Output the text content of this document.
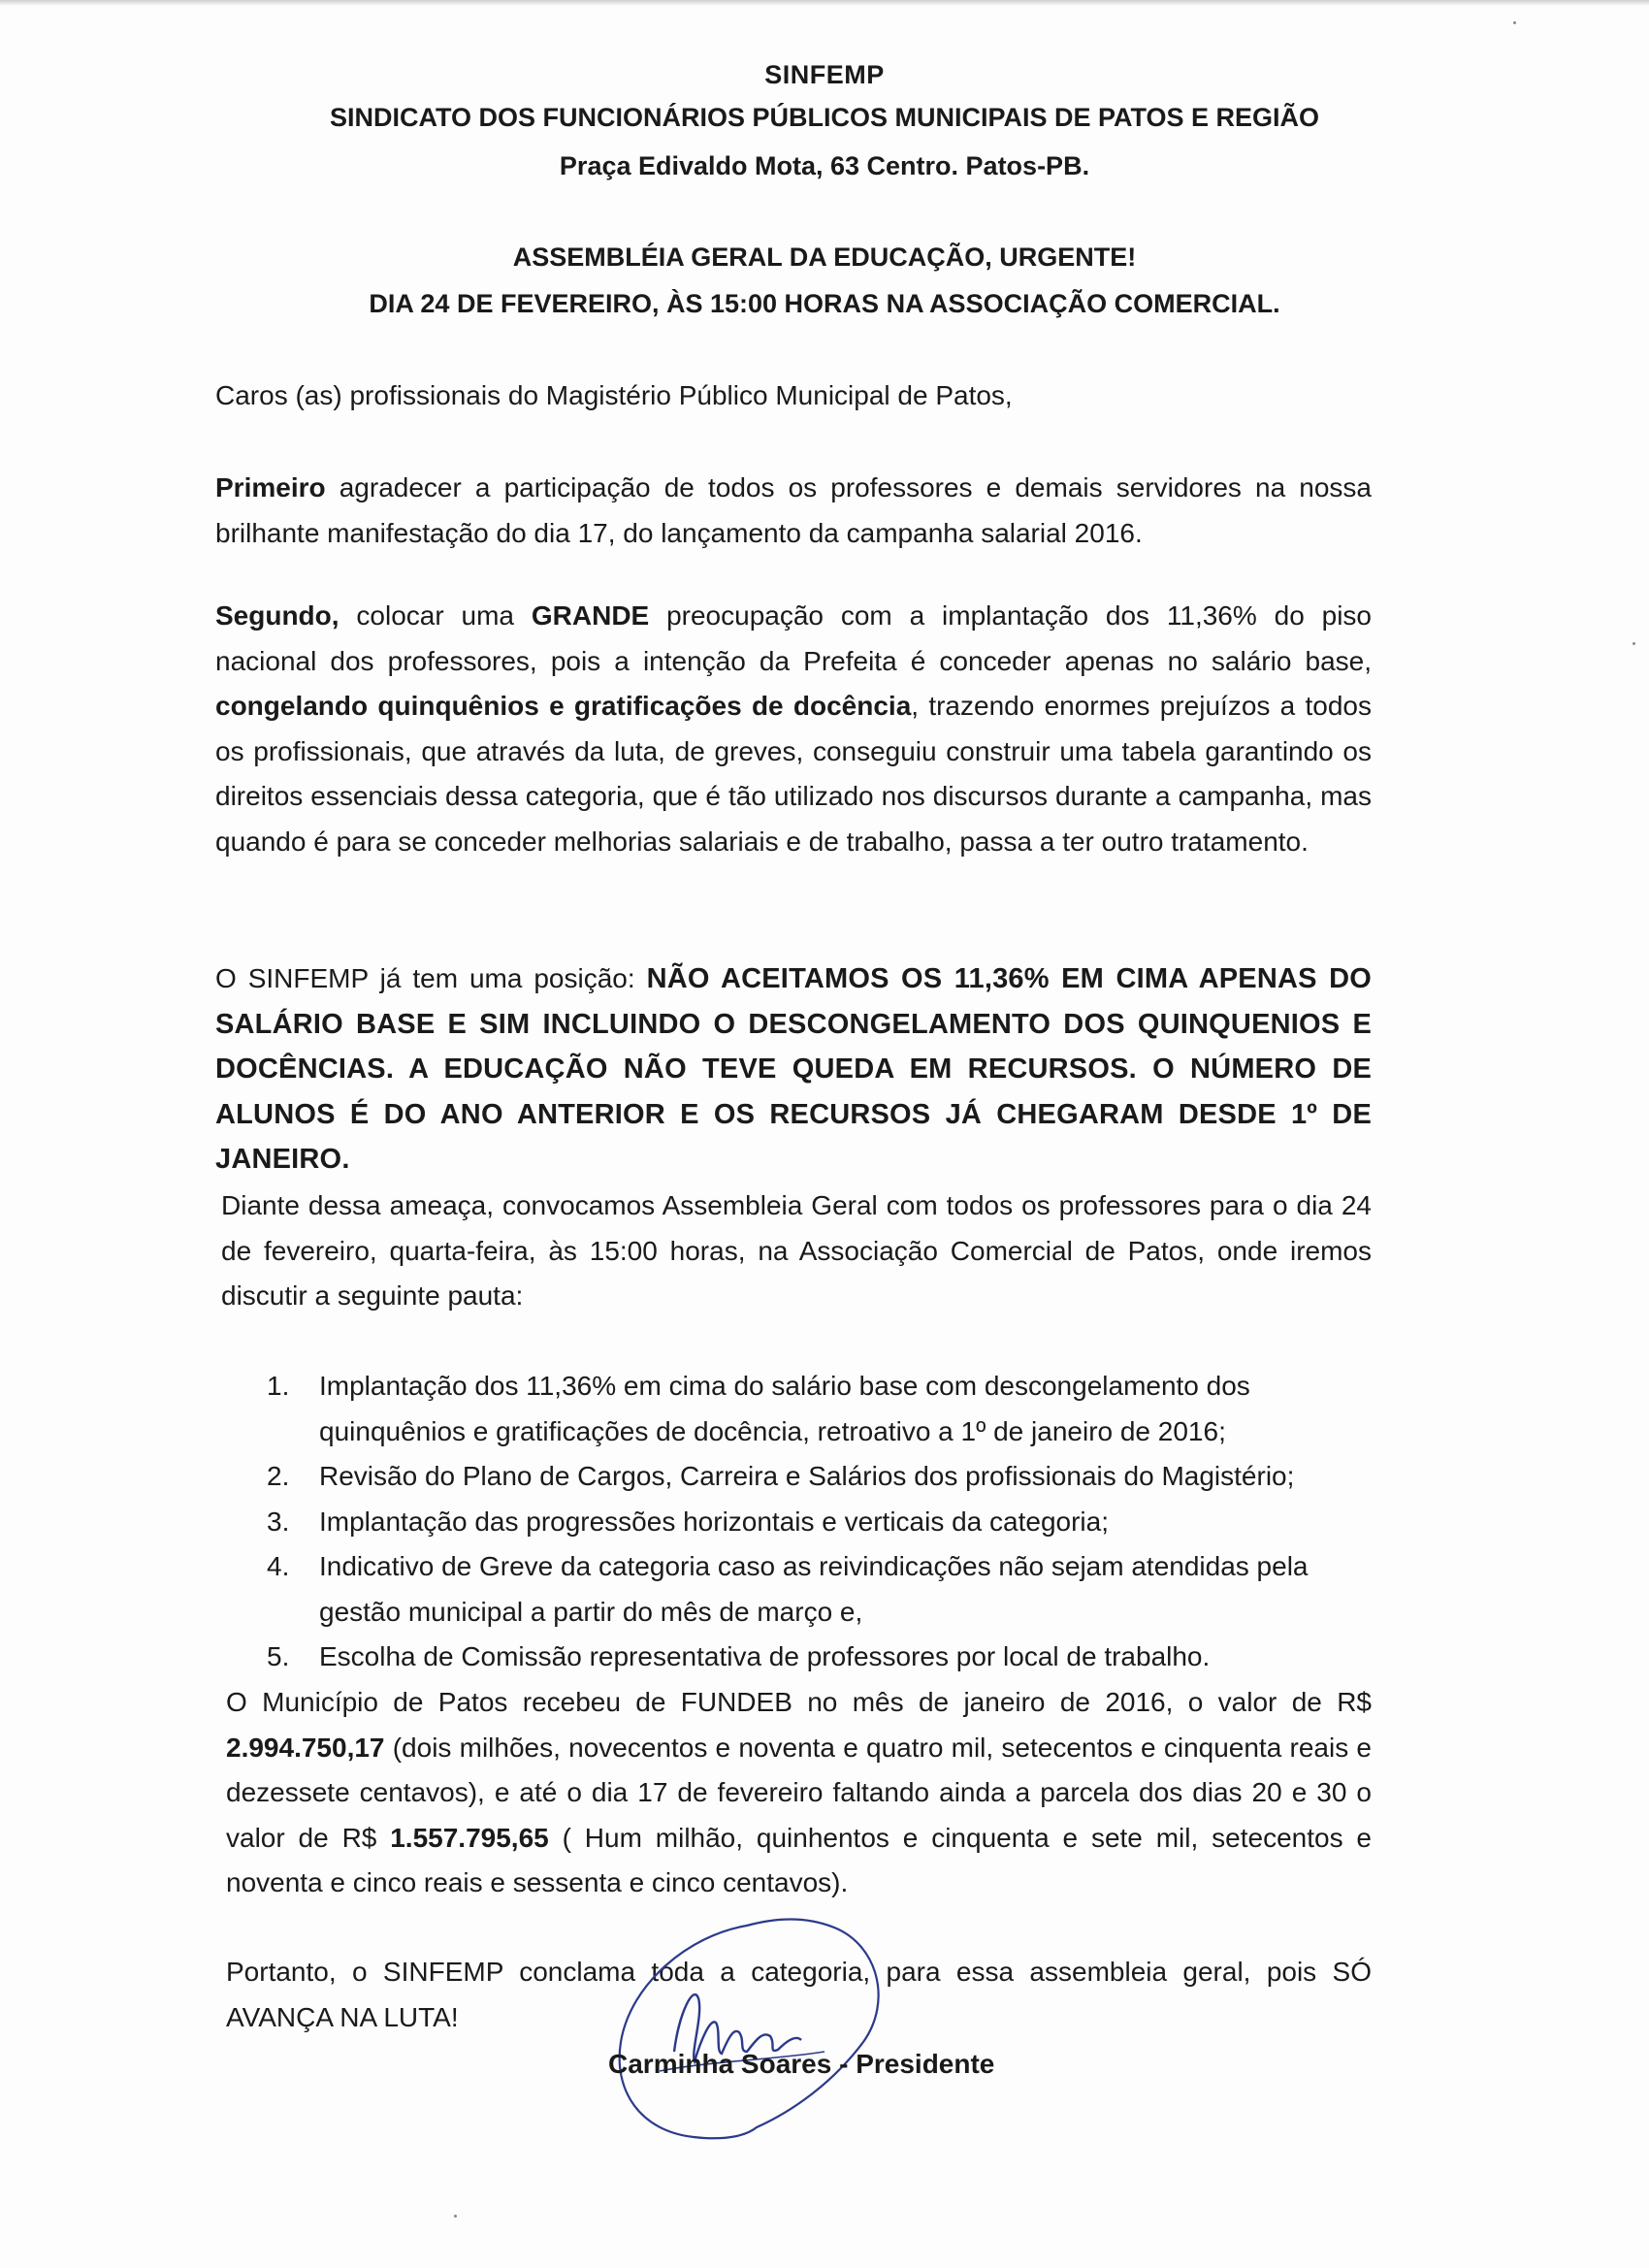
SINFEMP
SINDICATO DOS FUNCIONÁRIOS PÚBLICOS MUNICIPAIS DE PATOS E REGIÃO
Praça Edivaldo Mota, 63 Centro. Patos-PB.
ASSEMBLÉIA GERAL DA EDUCAÇÃO, URGENTE!
DIA 24 DE FEVEREIRO, ÀS 15:00 HORAS NA ASSOCIAÇÃO COMERCIAL.
Caros (as) profissionais do Magistério Público Municipal de Patos,
Primeiro agradecer a participação de todos os professores e demais servidores na nossa brilhante manifestação do dia 17, do lançamento da campanha salarial 2016.
Segundo, colocar uma GRANDE preocupação com a implantação dos 11,36% do piso nacional dos professores, pois a intenção da Prefeita é conceder apenas no salário base, congelando quinquênios e gratificações de docência, trazendo enormes prejuízos a todos os profissionais, que através da luta, de greves, conseguiu construir uma tabela garantindo os direitos essenciais dessa categoria, que é tão utilizado nos discursos durante a campanha, mas quando é para se conceder melhorias salariais e de trabalho, passa a ter outro tratamento.
O SINFEMP já tem uma posição: NÃO ACEITAMOS OS 11,36% EM CIMA APENAS DO SALÁRIO BASE E SIM INCLUINDO O DESCONGELAMENTO DOS QUINQUENIOS E DOCÊNCIAS. A EDUCAÇÃO NÃO TEVE QUEDA EM RECURSOS. O NÚMERO DE ALUNOS É DO ANO ANTERIOR E OS RECURSOS JÁ CHEGARAM DESDE 1º DE JANEIRO.
Diante dessa ameaça, convocamos Assembleia Geral com todos os professores para o dia 24 de fevereiro, quarta-feira, às 15:00 horas, na Associação Comercial de Patos, onde iremos discutir a seguinte pauta:
1. Implantação dos 11,36% em cima do salário base com descongelamento dos quinquênios e gratificações de docência, retroativo a 1º de janeiro de 2016;
2. Revisão do Plano de Cargos, Carreira e Salários dos profissionais do Magistério;
3. Implantação das progressões horizontais e verticais da categoria;
4. Indicativo de Greve da categoria caso as reivindicações não sejam atendidas pela gestão municipal a partir do mês de março e,
5. Escolha de Comissão representativa de professores por local de trabalho.
O Município de Patos recebeu de FUNDEB no mês de janeiro de 2016, o valor de R$ 2.994.750,17 (dois milhões, novecentos e noventa e quatro mil, setecentos e cinquenta reais e dezessete centavos), e até o dia 17 de fevereiro faltando ainda a parcela dos dias 20 e 30 o valor de R$ 1.557.795,65 ( Hum milhão, quinhentos e cinquenta e sete mil, setecentos e noventa e cinco reais e sessenta e cinco centavos).
Portanto, o SINFEMP conclama toda a categoria, para essa assembleia geral, pois SÓ AVANÇA NA LUTA!
Carminha Soares - Presidente
